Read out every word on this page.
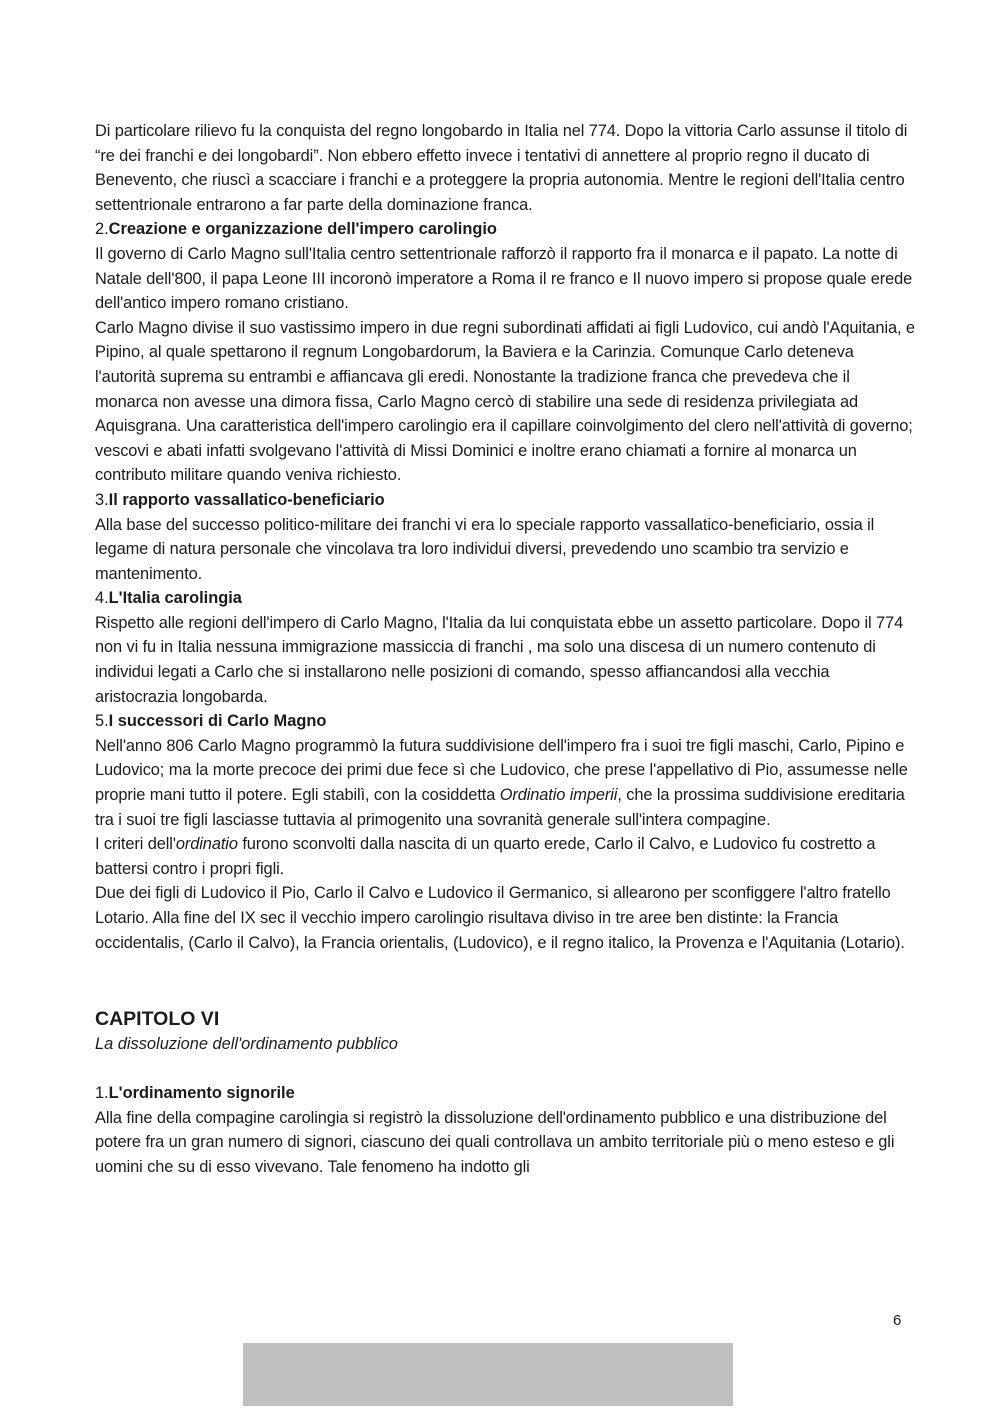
Di particolare rilievo fu la conquista del regno longobardo in Italia nel 774. Dopo la vittoria Carlo assunse il titolo di “re dei franchi e dei longobardi”. Non ebbero effetto invece i tentativi di annettere al proprio regno il ducato di Benevento, che riuscì a scacciare i franchi e a proteggere la propria autonomia. Mentre le regioni dell'Italia centro settentrionale entrarono a far parte della dominazione franca.

2.Creazione e organizzazione dell'impero carolingio

Il governo di Carlo Magno sull'Italia centro settentrionale rafforzò il rapporto fra il monarca e il papato. La notte di Natale dell'800, il papa Leone III incoronò imperatore a Roma il re franco e Il nuovo impero si propose quale erede dell'antico impero romano cristiano.

Carlo Magno divise il suo vastissimo impero in due regni subordinati affidati ai figli Ludovico, cui andò l'Aquitania, e Pipino, al quale spettarono il regnum Longobardorum, la Baviera e la Carinzia. Comunque Carlo deteneva l'autorità suprema su entrambi e affiancava gli eredi. Nonostante la tradizione franca che prevedeva che il monarca non avesse una dimora fissa, Carlo Magno cercò di stabilire una sede di residenza privilegiata ad Aquisgrana. Una caratteristica dell'impero carolingio era il capillare coinvolgimento del clero nell'attività di governo; vescovi e abati infatti svolgevano l'attività di Missi Dominici e inoltre erano chiamati a fornire al monarca un contributo militare quando veniva richiesto.

3.Il rapporto vassallatico-beneficiario

Alla base del successo politico-militare dei franchi vi era lo speciale rapporto vassallatico-beneficiario, ossia il legame di natura personale che vincolava tra loro individui diversi, prevedendo uno scambio tra servizio e mantenimento.

4.L'Italia carolingia

Rispetto alle regioni dell'impero di Carlo Magno, l'Italia da lui conquistata ebbe un assetto particolare. Dopo il 774 non vi fu in Italia nessuna immigrazione massiccia di franchi , ma solo una discesa di un numero contenuto di individui legati a Carlo che si installarono nelle posizioni di comando, spesso affiancandosi alla vecchia aristocrazia longobarda.

5.I successori di Carlo Magno

Nell'anno 806 Carlo Magno programmò la futura suddivisione dell'impero fra i suoi tre figli maschi, Carlo, Pipino e Ludovico; ma la morte precoce dei primi due fece sì che Ludovico, che prese l'appellativo di Pio, assumesse nelle proprie mani tutto il potere. Egli stabilì, con la cosiddetta Ordinatio imperii, che la prossima suddivisione ereditaria tra i suoi tre figli lasciasse tuttavia al primogenito una sovranità generale sull'intera compagine.

I criteri dell'ordinatio furono sconvolti dalla nascita di un quarto erede, Carlo il Calvo, e Ludovico fu costretto a battersi contro i propri figli.

Due dei figli di Ludovico il Pio, Carlo il Calvo e Ludovico il Germanico, si allearono per sconfiggere l'altro fratello Lotario. Alla fine del IX sec il vecchio impero carolingio risultava diviso in tre aree ben distinte: la Francia occidentalis, (Carlo il Calvo), la Francia orientalis, (Ludovico), e il regno italico, la Provenza e l'Aquitania (Lotario).

CAPITOLO VI

La dissoluzione dell'ordinamento pubblico

1.L'ordinamento signorile

Alla fine della compagine carolingia si registrò la dissoluzione dell'ordinamento pubblico e una distribuzione del potere fra un gran numero di signori, ciascuno dei quali controllava un ambito territoriale più o meno esteso e gli uomini che su di esso vivevano. Tale fenomeno ha indotto gli

6
